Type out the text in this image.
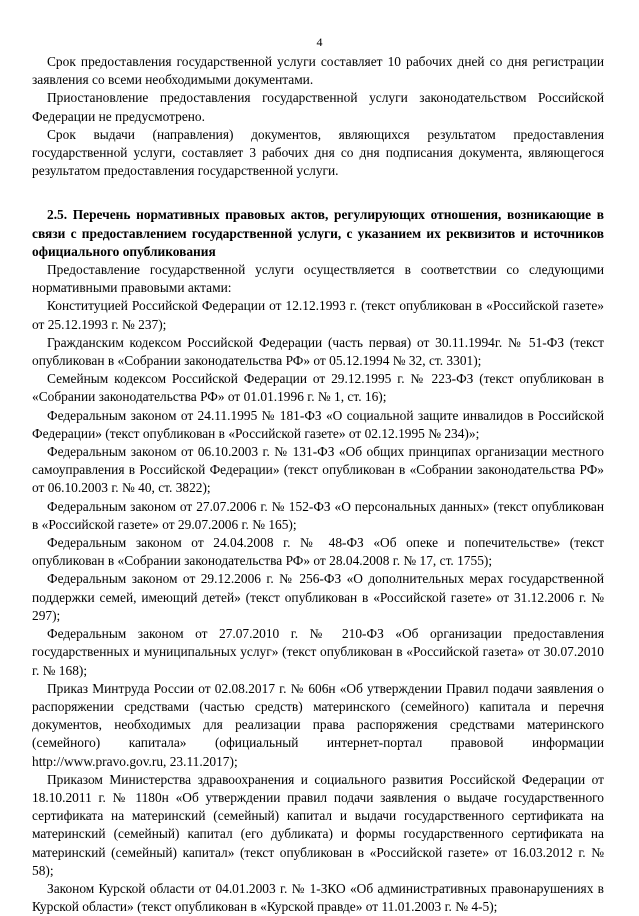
4

Срок предоставления государственной услуги составляет 10 рабочих дней со дня регистрации заявления со всеми необходимыми документами.

Приостановление предоставления государственной услуги законодательством Российской Федерации не предусмотрено.

Срок выдачи (направления) документов, являющихся результатом предоставления государственной услуги, составляет 3 рабочих дня со дня подписания документа, являющегося результатом предоставления государственной услуги.

2.5. Перечень нормативных правовых актов, регулирующих отношения, возникающие в связи с предоставлением государственной услуги, с указанием их реквизитов и источников официального опубликования

Предоставление государственной услуги осуществляется в соответствии со следующими нормативными правовыми актами:

Конституцией Российской Федерации от 12.12.1993 г. (текст опубликован в «Российской газете» от 25.12.1993 г. № 237);

Гражданским кодексом Российской Федерации (часть первая) от 30.11.1994г. № 51-ФЗ (текст опубликован в «Собрании законодательства РФ» от 05.12.1994 № 32, ст. 3301);

Семейным кодексом Российской Федерации от 29.12.1995 г. № 223-ФЗ (текст опубликован в «Собрании законодательства РФ» от 01.01.1996 г. № 1, ст. 16);

Федеральным законом от 24.11.1995 № 181-ФЗ «О социальной защите инвалидов в Российской Федерации» (текст опубликован в «Российской газете» от 02.12.1995 № 234)»;

Федеральным законом от 06.10.2003 г. № 131-ФЗ «Об общих принципах организации местного самоуправления в Российской Федерации» (текст опубликован в «Собрании законодательства РФ» от 06.10.2003 г. № 40, ст. 3822);

Федеральным законом от 27.07.2006 г. № 152-ФЗ «О персональных данных» (текст опубликован в «Российской газете» от 29.07.2006 г. № 165);

Федеральным законом от 24.04.2008 г. № 48-ФЗ «Об опеке и попечительстве» (текст опубликован в «Собрании законодательства РФ» от 28.04.2008 г. № 17, ст. 1755);

Федеральным законом от 29.12.2006 г. № 256-ФЗ «О дополнительных мерах государственной поддержки семей, имеющий детей» (текст опубликован в «Российской газете» от 31.12.2006 г. № 297);

Федеральным законом от 27.07.2010 г. № 210-ФЗ «Об организации предоставления государственных и муниципальных услуг» (текст опубликован в «Российской газета» от 30.07.2010 г. № 168);

Приказ Минтруда России от 02.08.2017 г. № 606н «Об утверждении Правил подачи заявления о распоряжении средствами (частью средств) материнского (семейного) капитала и перечня документов, необходимых для реализации права распоряжения средствами материнского (семейного) капитала» (официальный интернет-портал правовой информации http://www.pravo.gov.ru, 23.11.2017);

Приказом Министерства здравоохранения и социального развития Российской Федерации от 18.10.2011 г. № 1180н «Об утверждении правил подачи заявления о выдаче государственного сертификата на материнский (семейный) капитал и выдачи государственного сертификата на материнский (семейный) капитал (его дубликата) и формы государственного сертификата на материнский (семейный) капитал» (текст опубликован в «Российской газете» от 16.03.2012 г. № 58);

Законом Курской области от 04.01.2003 г. № 1-ЗКО «Об административных правонарушениях в Курской области» (текст опубликован в «Курской правде» от 11.01.2003 г. № 4-5);
